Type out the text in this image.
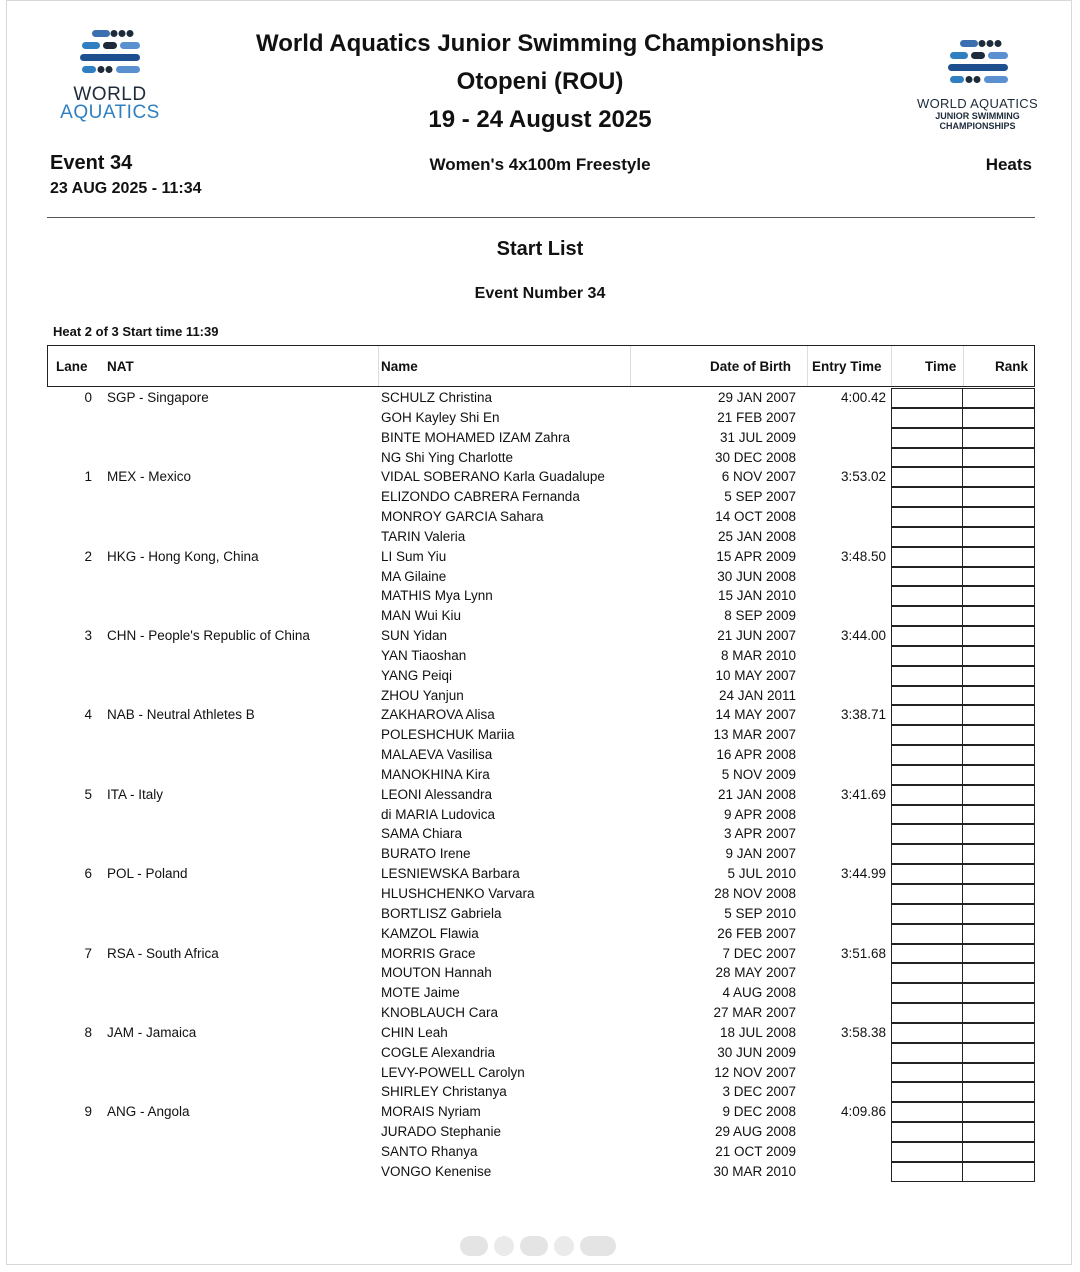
WORLD
AQUATICS	WORLD AQUATICS
JUNIOR SWIMMING
CHAMPIONSHIPS
World Aquatics Junior Swimming Championships
Otopeni (ROU)
19 - 24 August 2025
Event 34
23 AUG 2025 - 11:34
Women's 4x100m Freestyle	Heats
Start List
Event Number 34
Heat 2 of 3 Start time 11:39
Lane NAT	Name	Date of Birth Entry Time	Time	Rank
0 SGP - Singapore	SCHULZ Christina	29 JAN 2007	4:00.42
GOH Kayley Shi En	21 FEB 2007
BINTE MOHAMED IZAM Zahra	31 JUL 2009
NG Shi Ying Charlotte	30 DEC 2008
1 MEX - Mexico	VIDAL SOBERANO Karla Guadalupe	6 NOV 2007	3:53.02
ELIZONDO CABRERA Fernanda	5 SEP 2007
MONROY GARCIA Sahara	14 OCT 2008
TARIN Valeria	25 JAN 2008
2 HKG - Hong Kong, China	LI Sum Yiu	15 APR 2009	3:48.50
MA Gilaine	30 JUN 2008
MATHIS Mya Lynn	15 JAN 2010
MAN Wui Kiu	8 SEP 2009
3 CHN - People's Republic of China	SUN Yidan	21 JUN 2007	3:44.00
YAN Tiaoshan	8 MAR 2010
YANG Peiqi	10 MAY 2007
ZHOU Yanjun	24 JAN 2011
4 NAB - Neutral Athletes B	ZAKHAROVA Alisa	14 MAY 2007	3:38.71
POLESHCHUK Mariia	13 MAR 2007
MALAEVA Vasilisa	16 APR 2008
MANOKHINA Kira	5 NOV 2009
5 ITA - Italy	LEONI Alessandra	21 JAN 2008	3:41.69
di MARIA Ludovica	9 APR 2008
SAMA Chiara	3 APR 2007
BURATO Irene	9 JAN 2007
6 POL - Poland	LESNIEWSKA Barbara	5 JUL 2010	3:44.99
HLUSHCHENKO Varvara	28 NOV 2008
BORTLISZ Gabriela	5 SEP 2010
KAMZOL Flawia	26 FEB 2007
7 RSA - South Africa	MORRIS Grace	7 DEC 2007	3:51.68
MOUTON Hannah	28 MAY 2007
MOTE Jaime	4 AUG 2008
KNOBLAUCH Cara	27 MAR 2007
8 JAM - Jamaica	CHIN Leah	18 JUL 2008	3:58.38
COGLE Alexandria	30 JUN 2009
LEVY-POWELL Carolyn	12 NOV 2007
SHIRLEY Christanya	3 DEC 2007
9 ANG - Angola	MORAIS Nyriam	9 DEC 2008	4:09.86
JURADO Stephanie	29 AUG 2008
SANTO Rhanya	21 OCT 2009
VONGO Kenenise	30 MAR 2010
